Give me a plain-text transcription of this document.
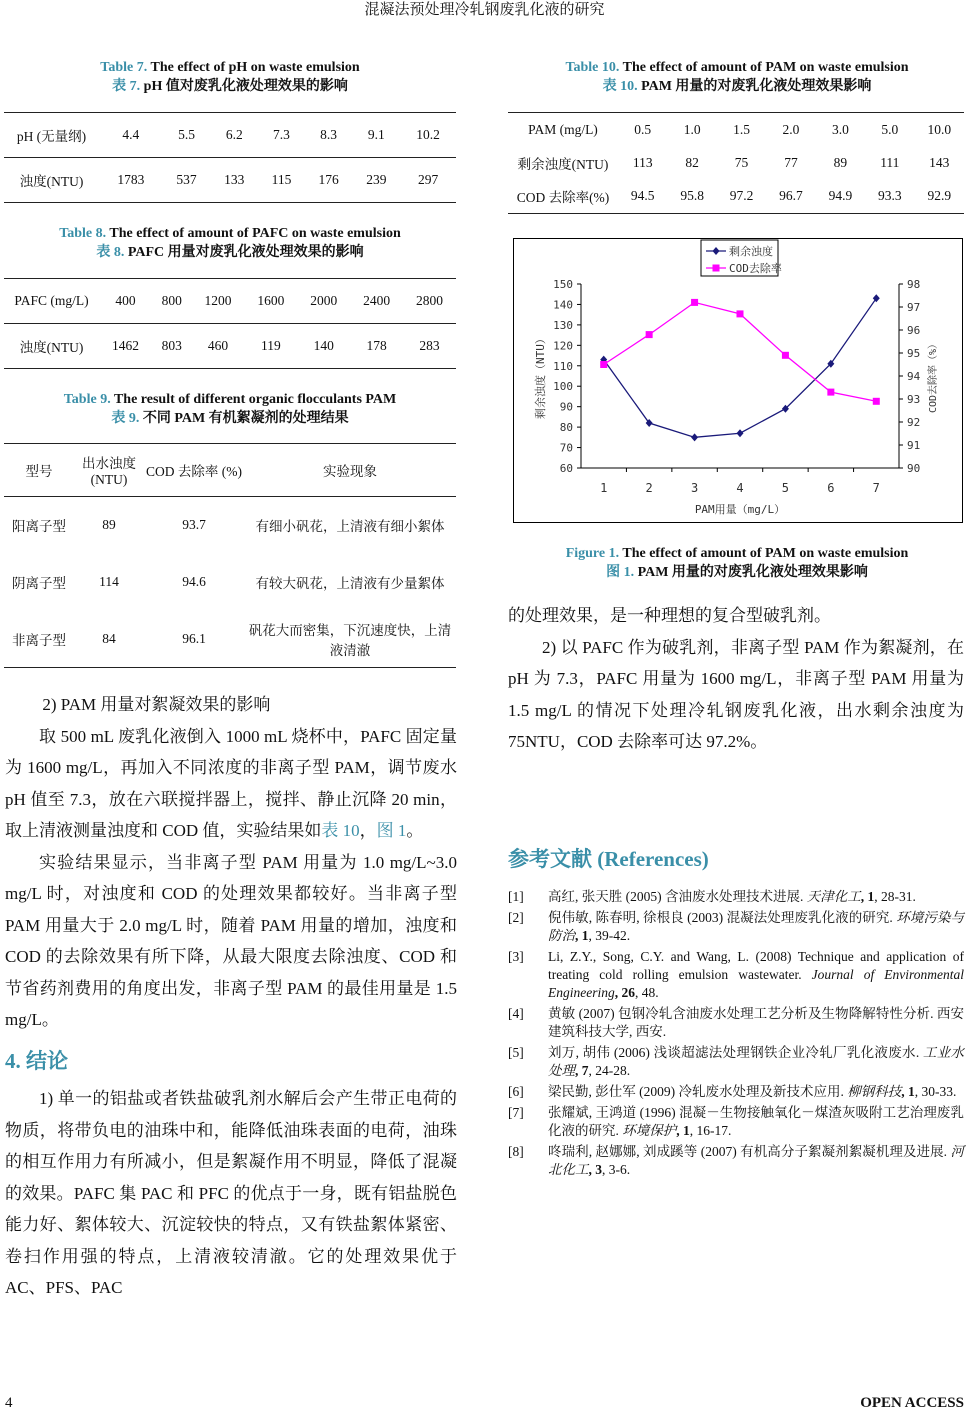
混凝法预处理冷轧钢废乳化液的研究
Table 7. The effect of pH on waste emulsion
表 7. pH 值对废乳化液处理效果的影响
pH (无量纲)	4.4	5.5	6.2	7.3	8.3	9.1	10.2
浊度(NTU)	1783	537	133	115	176	239	297
Table 8. The effect of amount of PAFC on waste emulsion
表 8. PAFC 用量对废乳化液处理效果的影响
PAFC (mg/L)	400	800	1200	1600	2000	2400	2800
浊度(NTU)	1462	803	460	119	140	178	283
Table 9. The result of different organic flocculants PAM
表 9. 不同 PAM 有机絮凝剂的处理结果
型号	出水浊度 (NTU)	COD 去除率 (%)	实验现象
阳离子型	89	93.7	有细小矾花，上清液有细小絮体
阴离子型	114	94.6	有较大矾花，上清液有少量絮体
非离子型	84	96.1	矾花大而密集，下沉速度快，上清液清澈
2) PAM 用量对絮凝效果的影响

取 500 mL 废乳化液倒入 1000 mL 烧杯中，PAFC 固定量为 1600 mg/L，再加入不同浓度的非离子型 PAM，调节废水 pH 值至 7.3，放在六联搅拌器上，搅拌、静止沉降 20 min，取上清液测量浊度和 COD 值，实验结果如表 10，图 1。

实验结果显示，当非离子型 PAM 用量为 1.0 mg/L~3.0 mg/L 时，对浊度和 COD 的处理效果都较好。当非离子型 PAM 用量大于 2.0 mg/L 时，随着 PAM 用量的增加，浊度和 COD 的去除效果有所下降，从最大限度去除浊度、COD 和节省药剂费用的角度出发，非离子型 PAM 的最佳用量是 1.5 mg/L。

4. 结论

1) 单一的铝盐或者铁盐破乳剂水解后会产生带正电荷的物质，将带负电的油珠中和，能降低油珠表面的电荷，油珠的相互作用力有所减小，但是絮凝作用不明显，降低了混凝的效果。PAFC 集 PAC 和 PFC 的优点于一身，既有铝盐脱色能力好、絮体较大、沉淀较快的特点，又有铁盐絮体紧密、卷扫作用强的特点，上清液较清澈。它的处理效果优于 AC、PFS、PAC

Table 10. The effect of amount of PAM on waste emulsion
表 10. PAM 用量的对废乳化液处理效果影响
PAM (mg/L)	0.5	1.0	1.5	2.0	3.0	5.0	10.0
剩余浊度(NTU)	113	82	75	77	89	111	143
COD 去除率(%)	94.5	95.8	97.2	96.7	94.9	93.3	92.9
60
70
80
90
100
110
120
130
140
150
90
91
92
93
94
95
96
97
98
1	2	3	4	5	6	7
PAM用量（mg/L）
剩余浊度（NTU）	COD去除率（%）
剩余浊度
COD去除率
Figure 1. The effect of amount of PAM on waste emulsion
图 1. PAM 用量的对废乳化液处理效果影响
的处理效果，是一种理想的复合型破乳剂。

2) 以 PAFC 作为破乳剂，非离子型 PAM 作为絮凝剂，在 pH 为 7.3，PAFC 用量为 1600 mg/L，非离子型 PAM 用量为 1.5 mg/L 的情况下处理冷轧钢废乳化液，出水剩余浊度为 75NTU，COD 去除率可达 97.2%。

参考文献 (References)
[1]	高红, 张天胜 (2005) 含油废水处理技术进展. 天津化工, 1, 28-31.
[2]	倪伟敏, 陈春明, 徐根良 (2003) 混凝法处理废乳化液的研究. 环境污染与防治, 1, 39-42.
[3]	Li, Z.Y., Song, C.Y. and Wang, L. (2008) Technique and application of treating cold rolling emulsion wastewater. Journal of Environmental Engineering, 26, 48.
[4]	黄敏 (2007) 包钢冷轧含油废水处理工艺分析及生物降解特性分析. 西安建筑科技大学, 西安.
[5]	刘万, 胡伟 (2006) 浅谈超滤法处理钢铁企业冷轧厂乳化液废水. 工业水处理, 7, 24-28.
[6]	梁民勤, 彭仕军 (2009) 冷轧废水处理及新技术应用. 柳钢科技, 1, 30-33.
[7]	张耀斌, 王鸿道 (1996) 混凝－生物接触氧化－煤渣灰吸附工艺治理废乳化液的研究. 环境保护, 1, 16-17.
[8]	咚瑞利, 赵娜娜, 刘成蹊等 (2007) 有机高分子絮凝剂絮凝机理及进展. 河北化工, 3, 3-6.
4	OPEN ACCESS
